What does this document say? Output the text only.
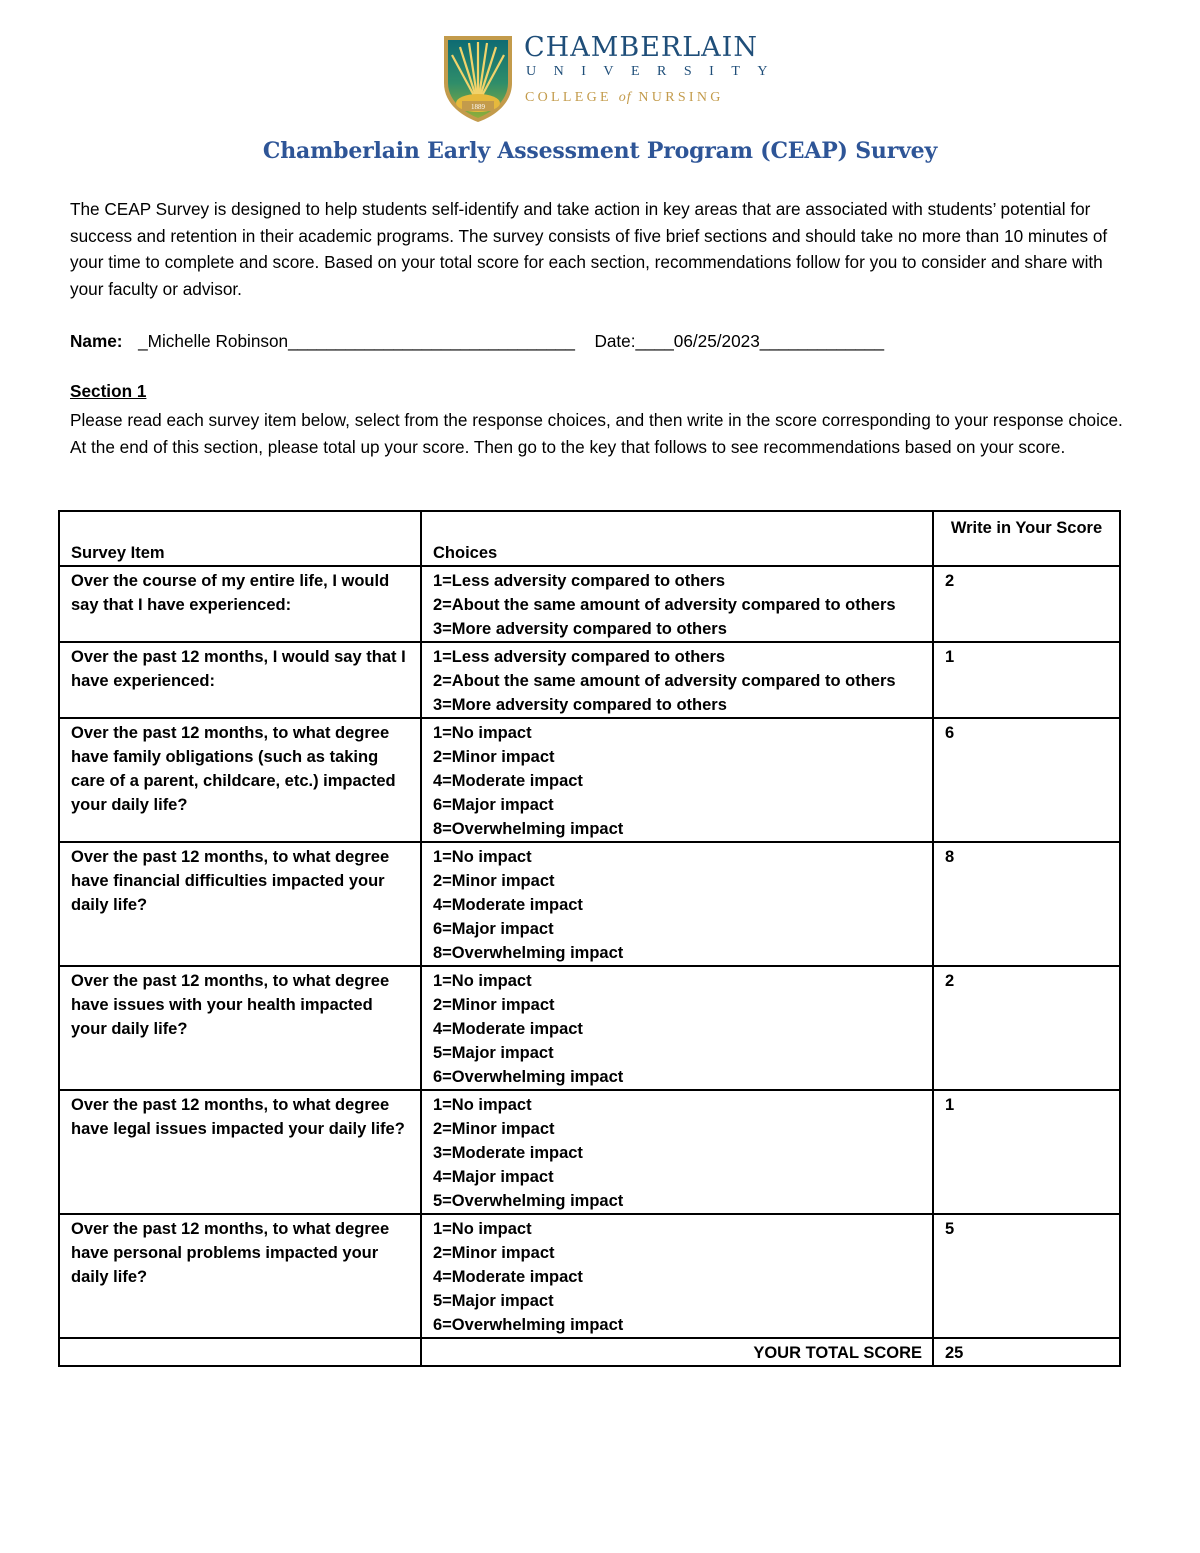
1889
CHAMBERLAIN
UNIVERSITY
COLLEGE of NURSING
Chamberlain Early Assessment Program (CEAP) Survey
The CEAP Survey is designed to help students self-identify and take action in key areas that are associated with students’ potential for success and retention in their academic programs. The survey consists of five brief sections and should take no more than 10 minutes of your time to complete and score. Based on your total score for each section, recommendations follow for you to consider and share with your faculty or advisor.
Name: _Michelle Robinson______________________________ Date:____06/25/2023_____________
Section 1
Please read each survey item below, select from the response choices, and then write in the score corresponding to your response choice. At the end of this section, please total up your score. Then go to the key that follows to see recommendations based on your score.
Survey Item	Choices	Write in Your Score
Over the course of my entire life, I would say that I have experienced:	1=Less adversity compared to others
2=About the same amount of adversity compared to others
3=More adversity compared to others	2
Over the past 12 months, I would say that I have experienced:	1=Less adversity compared to others
2=About the same amount of adversity compared to others
3=More adversity compared to others	1
Over the past 12 months, to what degree have family obligations (such as taking care of a parent, childcare, etc.) impacted your daily life?	1=No impact
2=Minor impact
4=Moderate impact
6=Major impact
8=Overwhelming impact	6
Over the past 12 months, to what degree have financial difficulties impacted your daily life?	1=No impact
2=Minor impact
4=Moderate impact
6=Major impact
8=Overwhelming impact	8
Over the past 12 months, to what degree have issues with your health impacted your daily life?	1=No impact
2=Minor impact
4=Moderate impact
5=Major impact
6=Overwhelming impact	2
Over the past 12 months, to what degree have legal issues impacted your daily life?	1=No impact
2=Minor impact
3=Moderate impact
4=Major impact
5=Overwhelming impact	1
Over the past 12 months, to what degree have personal problems impacted your daily life?	1=No impact
2=Minor impact
4=Moderate impact
5=Major impact
6=Overwhelming impact	5
	YOUR TOTAL SCORE	25
